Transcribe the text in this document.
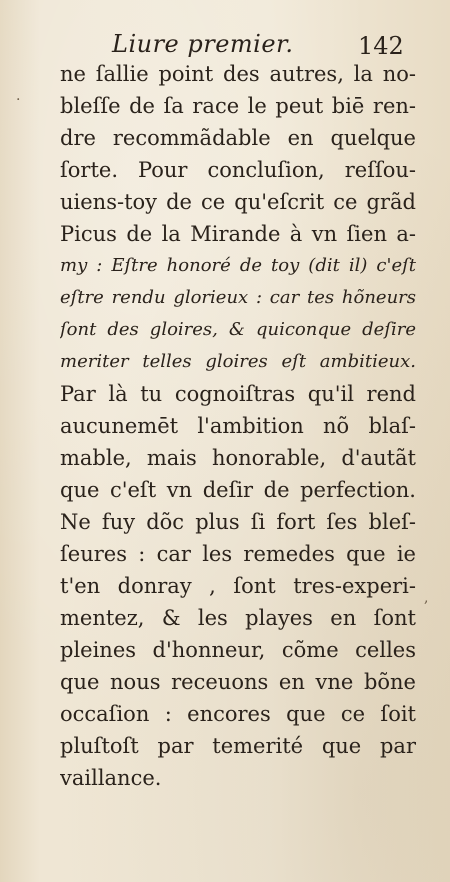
Liure premier.	142
.
,
ne ſallie point des autres, la no-
bleſſe de ſa race le peut biē ren-
dre recommãdable en quelque
ſorte. Pour concluſion, reſſou-
uiens-toy de ce qu'eſcrit ce grãd
Picus de la Mirande à vn ſien a-
my : Eſtre honoré de toy (dit il) c'eſt
eſtre rendu glorieux : car tes hõneurs
ſont des gloires, & quiconque deſire
meriter telles gloires eſt ambitieux.
Par là tu cognoiſtras qu'il rend
aucunemēt l'ambition nõ blaſ-
mable, mais honorable, d'autãt
que c'eſt vn deſir de perfection.
Ne fuy dõc plus ſi fort ſes bleſ-
ſeures : car les remedes que ie
t'en donray , ſont tres-experi-
mentez, & les playes en ſont
pleines d'honneur, cõme celles
que nous receuons en vne bõne
occaſion : encores que ce ſoit
pluſtoſt par temerité que par
vaillance.
